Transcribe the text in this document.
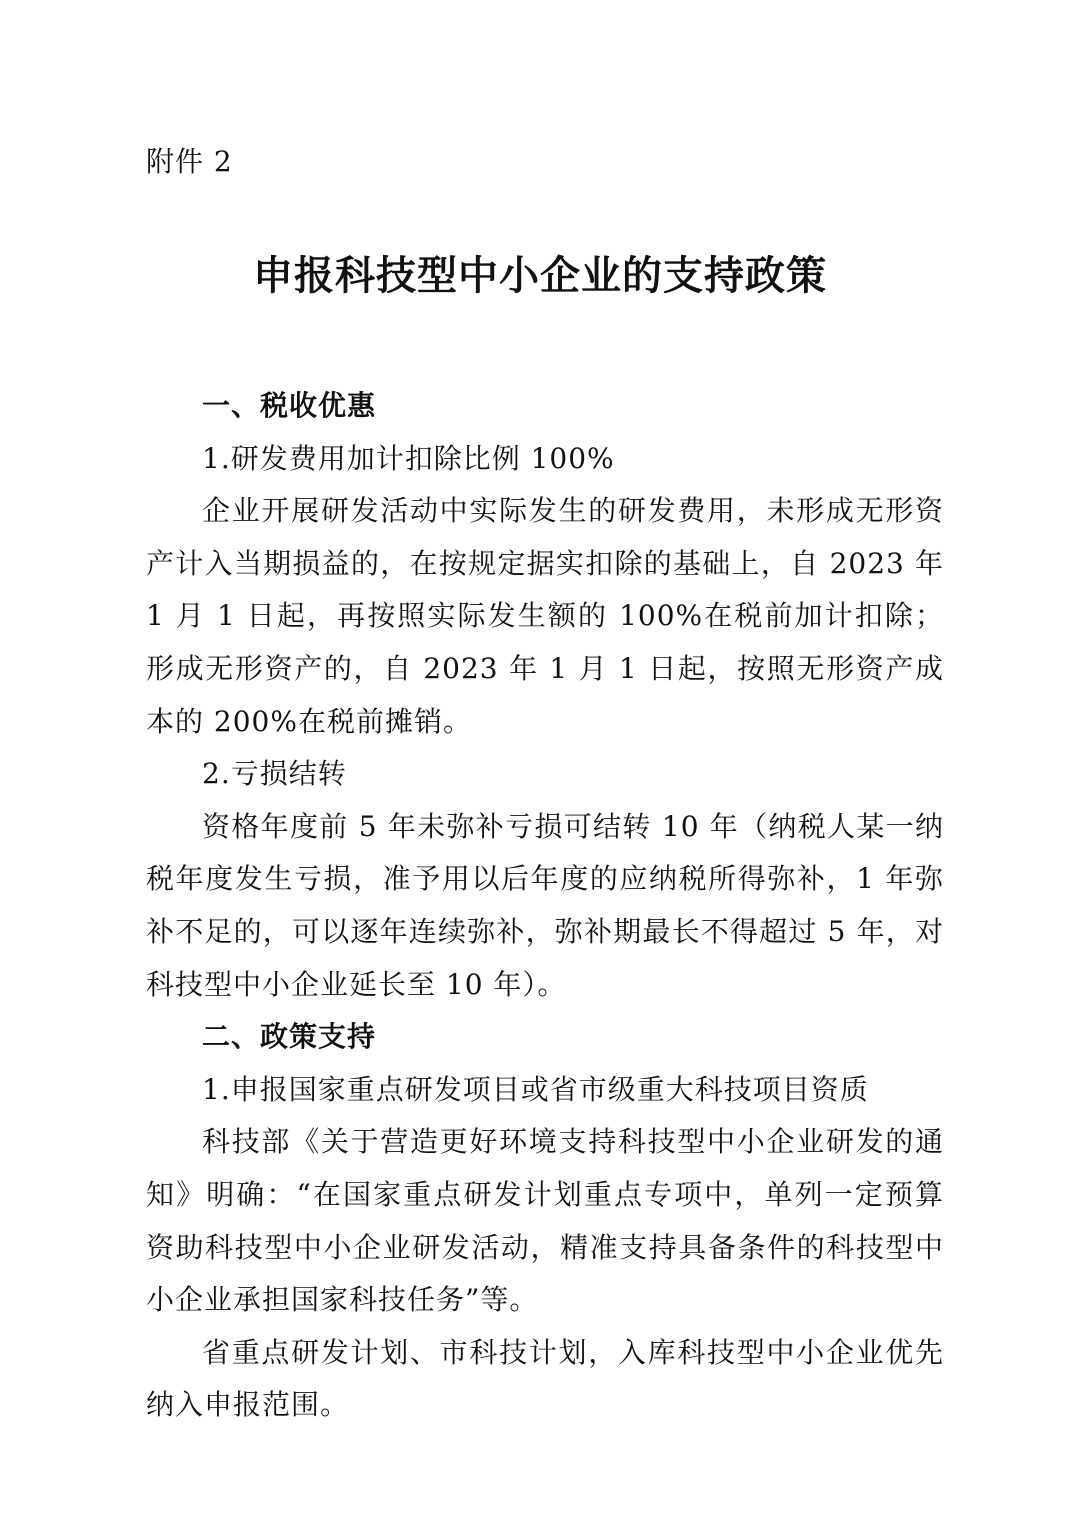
附件 2
申报科技型中小企业的支持政策

一、税收优惠

1.研发费用加计扣除比例 100%

企业开展研发活动中实际发生的研发费用，未形成无形资产计入当期损益的，在按规定据实扣除的基础上，自 2023 年 1 月 1 日起，再按照实际发生额的 100%在税前加计扣除；形成无形资产的，自 2023 年 1 月 1 日起，按照无形资产成本的 200%在税前摊销。

2.亏损结转

资格年度前 5 年未弥补亏损可结转 10 年（纳税人某一纳税年度发生亏损，准予用以后年度的应纳税所得弥补，1 年弥补不足的，可以逐年连续弥补，弥补期最长不得超过 5 年，对科技型中小企业延长至 10 年）。

二、政策支持

1.申报国家重点研发项目或省市级重大科技项目资质

科技部《关于营造更好环境支持科技型中小企业研发的通知》明确：“在国家重点研发计划重点专项中，单列一定预算资助科技型中小企业研发活动，精准支持具备条件的科技型中小企业承担国家科技任务”等。

省重点研发计划、市科技计划，入库科技型中小企业优先纳入申报范围。
